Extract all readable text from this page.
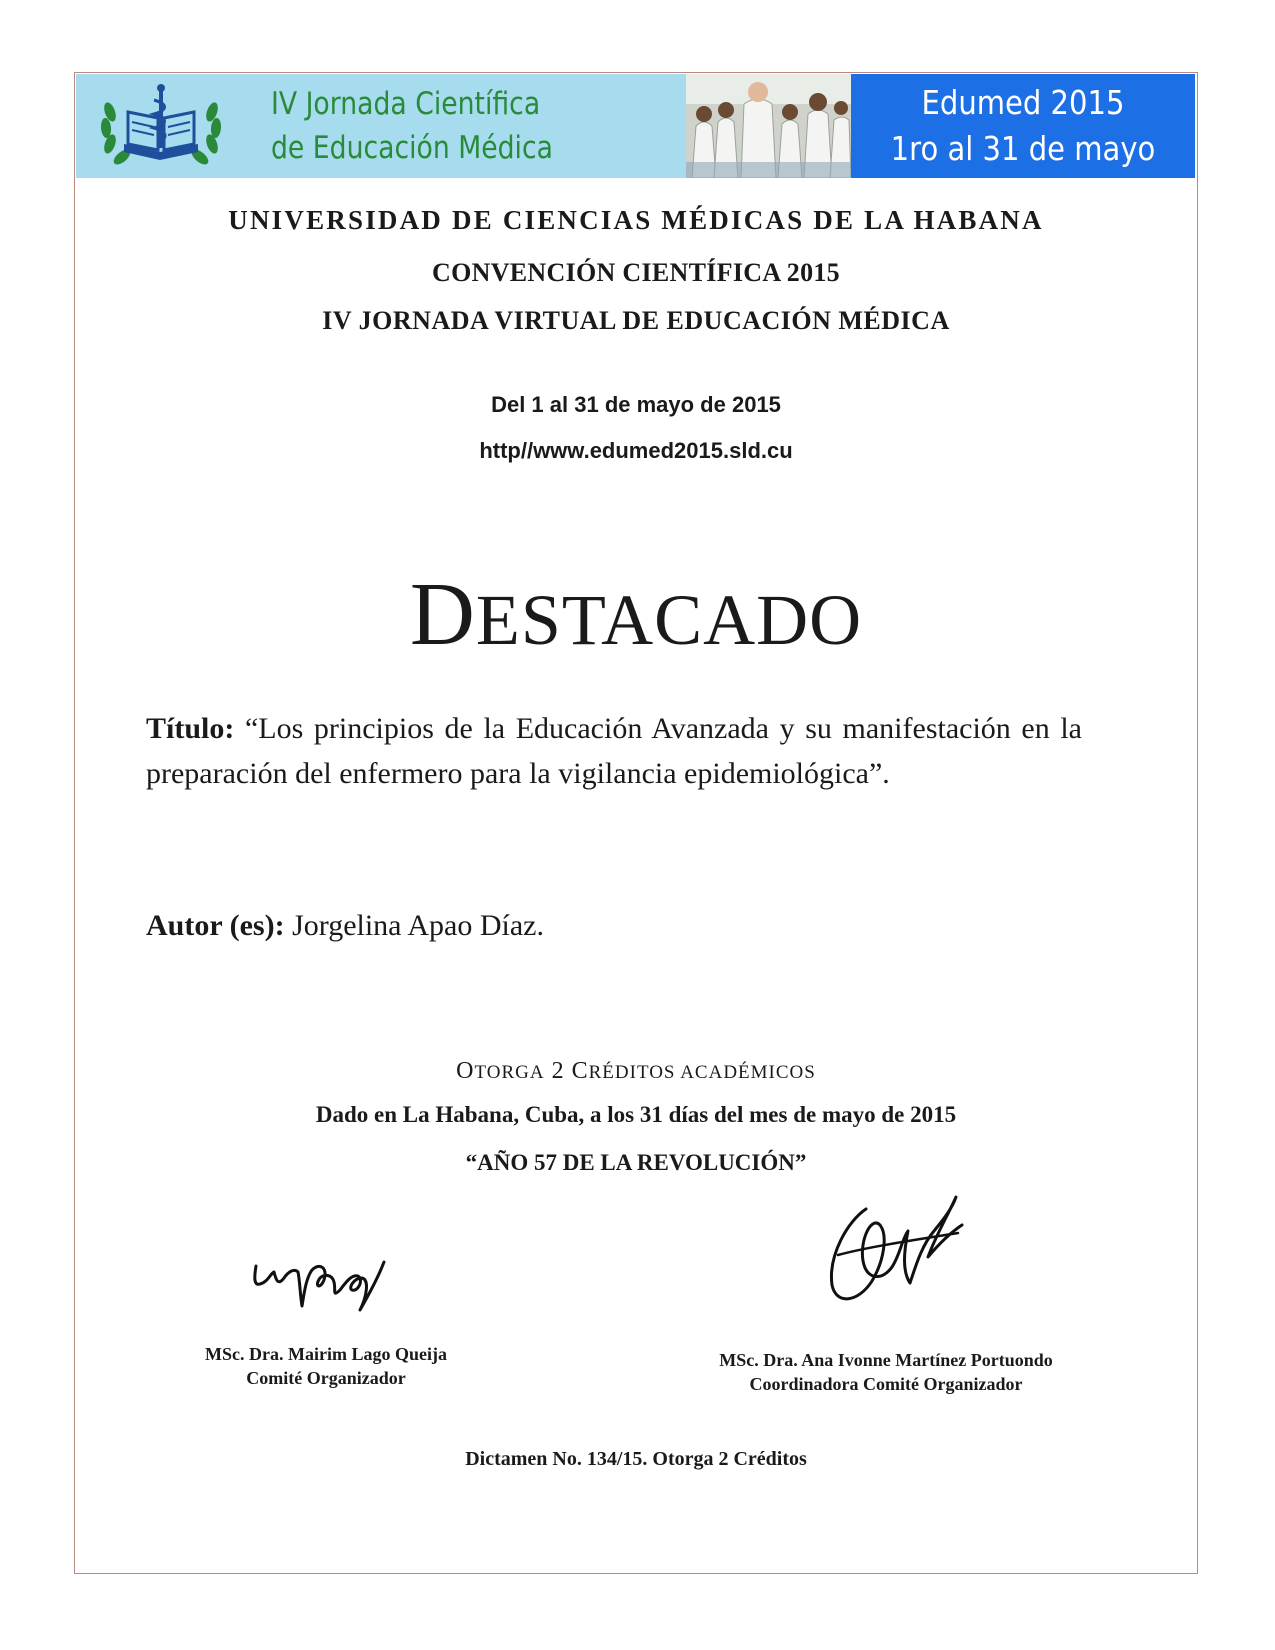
IV Jornada Científica
de Educación Médica
Edumed 2015
1ro al 31 de mayo
UNIVERSIDAD DE CIENCIAS MÉDICAS DE LA HABANA
CONVENCIÓN CIENTÍFICA 2015
IV JORNADA VIRTUAL DE EDUCACIÓN MÉDICA
Del 1 al 31 de mayo de 2015
http//www.edumed2015.sld.cu
DESTACADO
Título: “Los principios de la Educación Avanzada y su manifestación en la preparación del enfermero para la vigilancia epidemiológica”.
Autor (es): Jorgelina Apao Díaz.
OTORGA 2 CRÉDITOS ACADÉMICOS
Dado en La Habana, Cuba, a los 31 días del mes de mayo de 2015
“AÑO 57 DE LA REVOLUCIÓN”
MSc. Dra. Mairim Lago Queija
Comité Organizador
MSc. Dra. Ana Ivonne Martínez Portuondo
Coordinadora Comité Organizador
Dictamen No. 134/15. Otorga 2 Créditos
